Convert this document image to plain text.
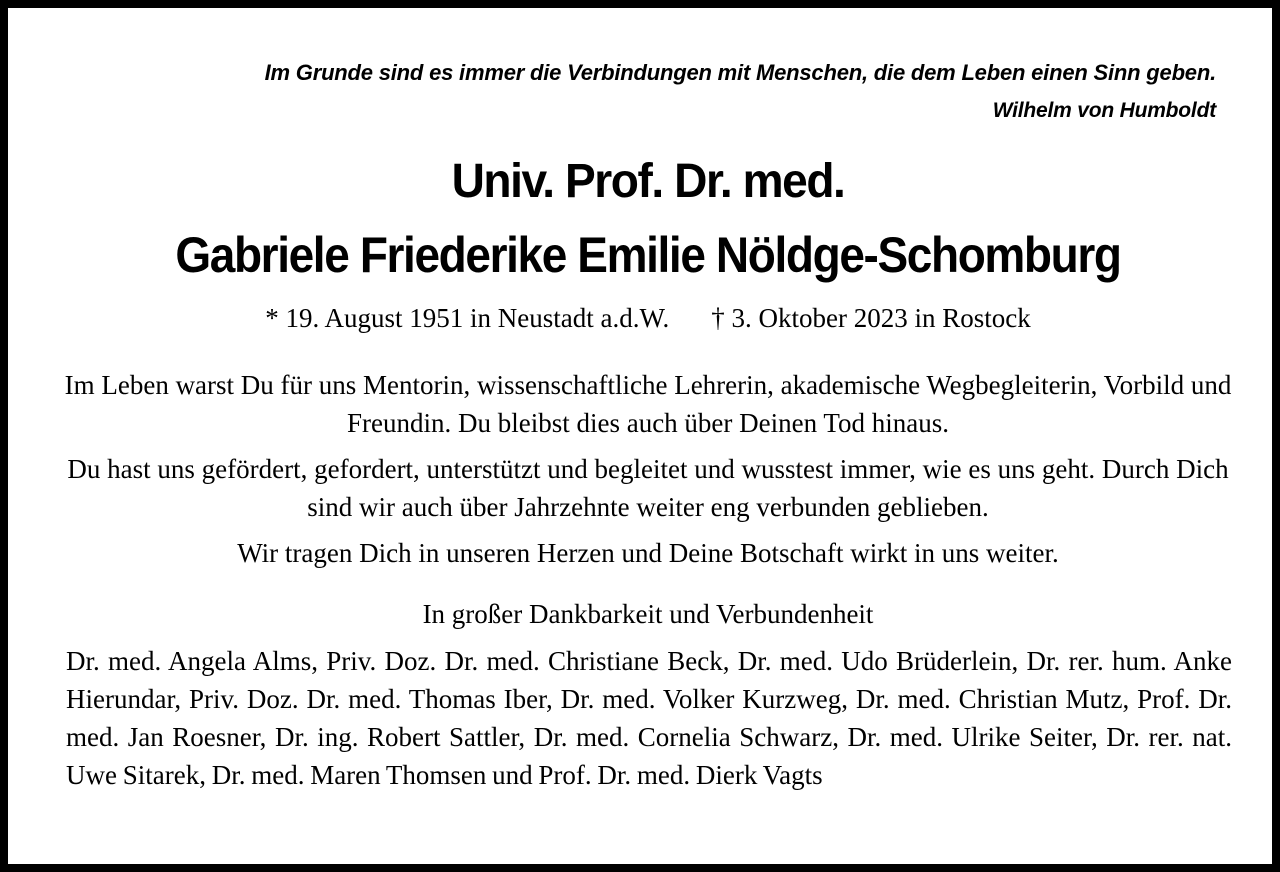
Im Grunde sind es immer die Verbindungen mit Menschen, die dem Leben einen Sinn geben.
Wilhelm von Humboldt
Univ. Prof. Dr. med.
Gabriele Friederike Emilie Nöldge-Schomburg
* 19. August 1951 in Neustadt a.d.W. † 3. Oktober 2023 in Rostock

Im Leben warst Du für uns Mentorin, wissenschaftliche Lehrerin, akademische Wegbegleiterin, Vorbild und Freundin. Du bleibst dies auch über Deinen Tod hinaus.

Du hast uns gefördert, gefordert, unterstützt und begleitet und wusstest immer, wie es uns geht. Durch Dich sind wir auch über Jahrzehnte weiter eng verbunden geblieben.

Wir tragen Dich in unseren Herzen und Deine Botschaft wirkt in uns weiter.

In großer Dankbarkeit und Verbundenheit
Dr. med. Angela Alms, Priv. Doz. Dr. med. Christiane Beck, Dr. med. Udo Brüderlein, Dr. rer. hum. Anke Hierundar, Priv. Doz. Dr. med. Thomas Iber, Dr. med. Volker Kurzweg, Dr. med. Christian Mutz, Prof. Dr. med. Jan Roesner, Dr. ing. Robert Sattler, Dr. med. Cornelia Schwarz, Dr. med. Ulrike Seiter, Dr. rer. nat. Uwe Sitarek, Dr. med. Maren Thomsen und Prof. Dr. med. Dierk Vagts
